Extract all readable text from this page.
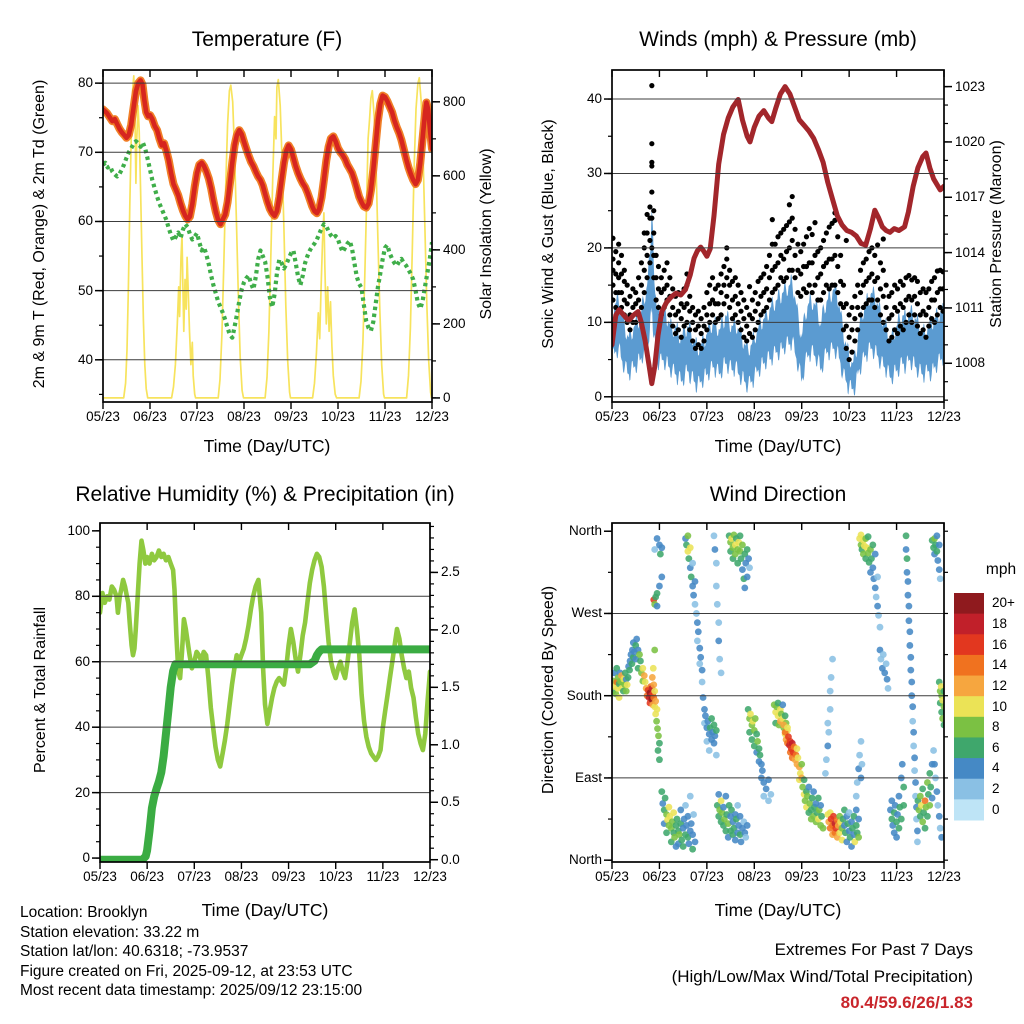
Temperature (F)	Winds (mph) & Pressure (mb)
Relative Humidity (%) & Precipitation (in)	Wind Direction
Time (Day/UTC)	Time (Day/UTC)
Time (Day/UTC)	Time (Day/UTC)
2m & 9m T (Red, Orange) & 2m Td (Green)	Solar Insolation (Yellow)	Sonic Wind & Gust (Blue, Black)	Station Pressure (Maroon)
Percent & Total Rainfall	Direction (Colored By Speed)
mph
Location: Brooklyn
Station elevation: 33.22 m
Station lat/lon: 40.6318; -73.9537
Figure created on Fri, 2025-09-12, at 23:53 UTC
Most recent data timestamp: 2025/09/12 23:15:00
Extremes For Past 7 Days
(High/Low/Max Wind/Total Precipitation)
80.4/59.6/26/1.83
05/23 06/23 07/23 08/23 09/23 10/23	11/23	12/23
40
50
60
70
80
0
200
400
600
800
05/23	06/23	07/23	08/23	09/23	10/23	11/23	12/23
0
10
20
30
40
1008
1011
1014
1017
1020
1023
05/23 06/23 07/23 08/23 09/23 10/23	11/23	12/23
0
20
40
60
80
100
0.0
0.5
1.0
1.5
2.0
2.5
05/23	06/23	07/23	08/23	09/23	10/23	11/23	12/23
North
East
South
West
North
20+
18
16
14
12
10
8
6
4
2
0
